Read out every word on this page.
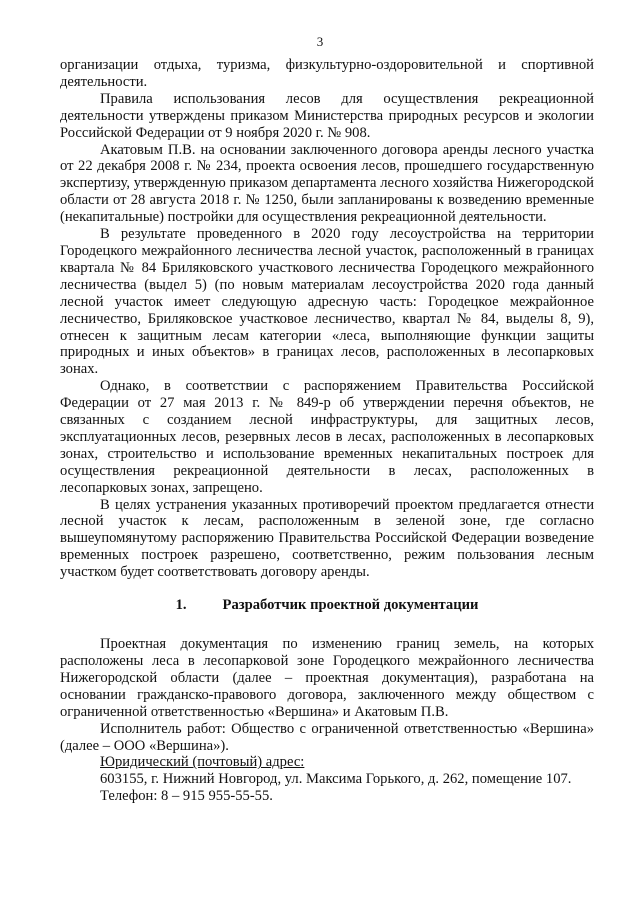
3

организации отдыха, туризма, физкультурно-оздоровительной и спортивной деятельности.

Правила использования лесов для осуществления рекреационной деятельности утверждены приказом Министерства природных ресурсов и экологии Российской Федерации от 9 ноября 2020 г. № 908.

Акатовым П.В. на основании заключенного договора аренды лесного участка от 22 декабря 2008 г. № 234, проекта освоения лесов, прошедшего государственную экспертизу, утвержденную приказом департамента лесного хозяйства Нижегородской области от 28 августа 2018 г. № 1250, были запланированы к возведению временные (некапитальные) постройки для осуществления рекреационной деятельности.

В результате проведенного в 2020 году лесоустройства на территории Городецкого межрайонного лесничества лесной участок, расположенный в границах квартала № 84 Бриляковского участкового лесничества Городецкого межрайонного лесничества (выдел 5) (по новым материалам лесоустройства 2020 года данный лесной участок имеет следующую адресную часть: Городецкое межрайонное лесничество, Бриляковское участковое лесничество, квартал № 84, выделы 8, 9), отнесен к защитным лесам категории «леса, выполняющие функции защиты природных и иных объектов» в границах лесов, расположенных в лесопарковых зонах.

Однако, в соответствии с распоряжением Правительства Российской Федерации от 27 мая 2013 г. № 849-р об утверждении перечня объектов, не связанных с созданием лесной инфраструктуры, для защитных лесов, эксплуатационных лесов, резервных лесов в лесах, расположенных в лесопарковых зонах, строительство и использование временных некапитальных построек для осуществления рекреационной деятельности в лесах, расположенных в лесопарковых зонах, запрещено.

В целях устранения указанных противоречий проектом предлагается отнести лесной участок к лесам, расположенным в зеленой зоне, где согласно вышеупомянутому распоряжению Правительства Российской Федерации возведение временных построек разрешено, соответственно, режим пользования лесным участком будет соответствовать договору аренды.

1. Разработчик проектной документации

Проектная документация по изменению границ земель, на которых расположены леса в лесопарковой зоне Городецкого межрайонного лесничества Нижегородской области (далее – проектная документация), разработана на основании гражданско-правового договора, заключенного между обществом с ограниченной ответственностью «Вершина» и Акатовым П.В.

Исполнитель работ: Общество с ограниченной ответственностью «Вершина» (далее – ООО «Вершина»).

Юридический (почтовый) адрес:
603155, г. Нижний Новгород, ул. Максима Горького, д. 262, помещение 107.
Телефон: 8 – 915 955-55-55.
